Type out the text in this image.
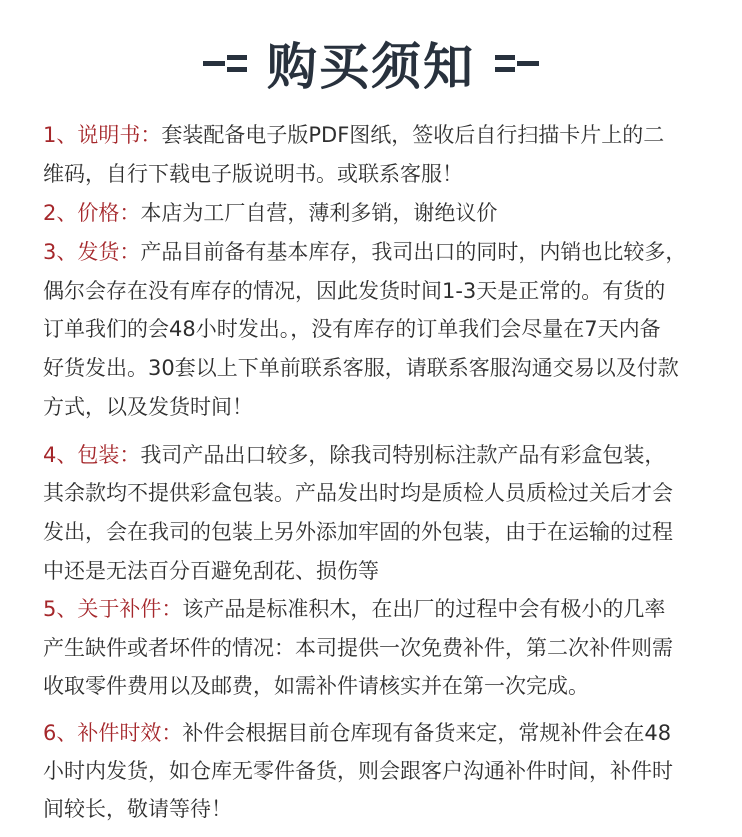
购买须知
1、说明书：套装配备电子版PDF图纸，签收后自行扫描卡片上的二
维码，自行下载电子版说明书。或联系客服！
2、价格：本店为工厂自营，薄利多销，谢绝议价
3、发货：产品目前备有基本库存，我司出口的同时，内销也比较多，
偶尔会存在没有库存的情况，因此发货时间1-3天是正常的。有货的
订单我们的会48小时发出。，没有库存的订单我们会尽量在7天内备
好货发出。30套以上下单前联系客服，请联系客服沟通交易以及付款
方式，以及发货时间！
4、包装：我司产品出口较多，除我司特别标注款产品有彩盒包装，
其余款均不提供彩盒包装。产品发出时均是质检人员质检过关后才会
发出，会在我司的包装上另外添加牢固的外包装，由于在运输的过程
中还是无法百分百避免刮花、损伤等
5、关于补件：该产品是标准积木，在出厂的过程中会有极小的几率
产生缺件或者坏件的情况：本司提供一次免费补件，第二次补件则需
收取零件费用以及邮费，如需补件请核实并在第一次完成。
6、补件时效：补件会根据目前仓库现有备货来定，常规补件会在48
小时内发货，如仓库无零件备货，则会跟客户沟通补件时间，补件时
间较长，敬请等待！
